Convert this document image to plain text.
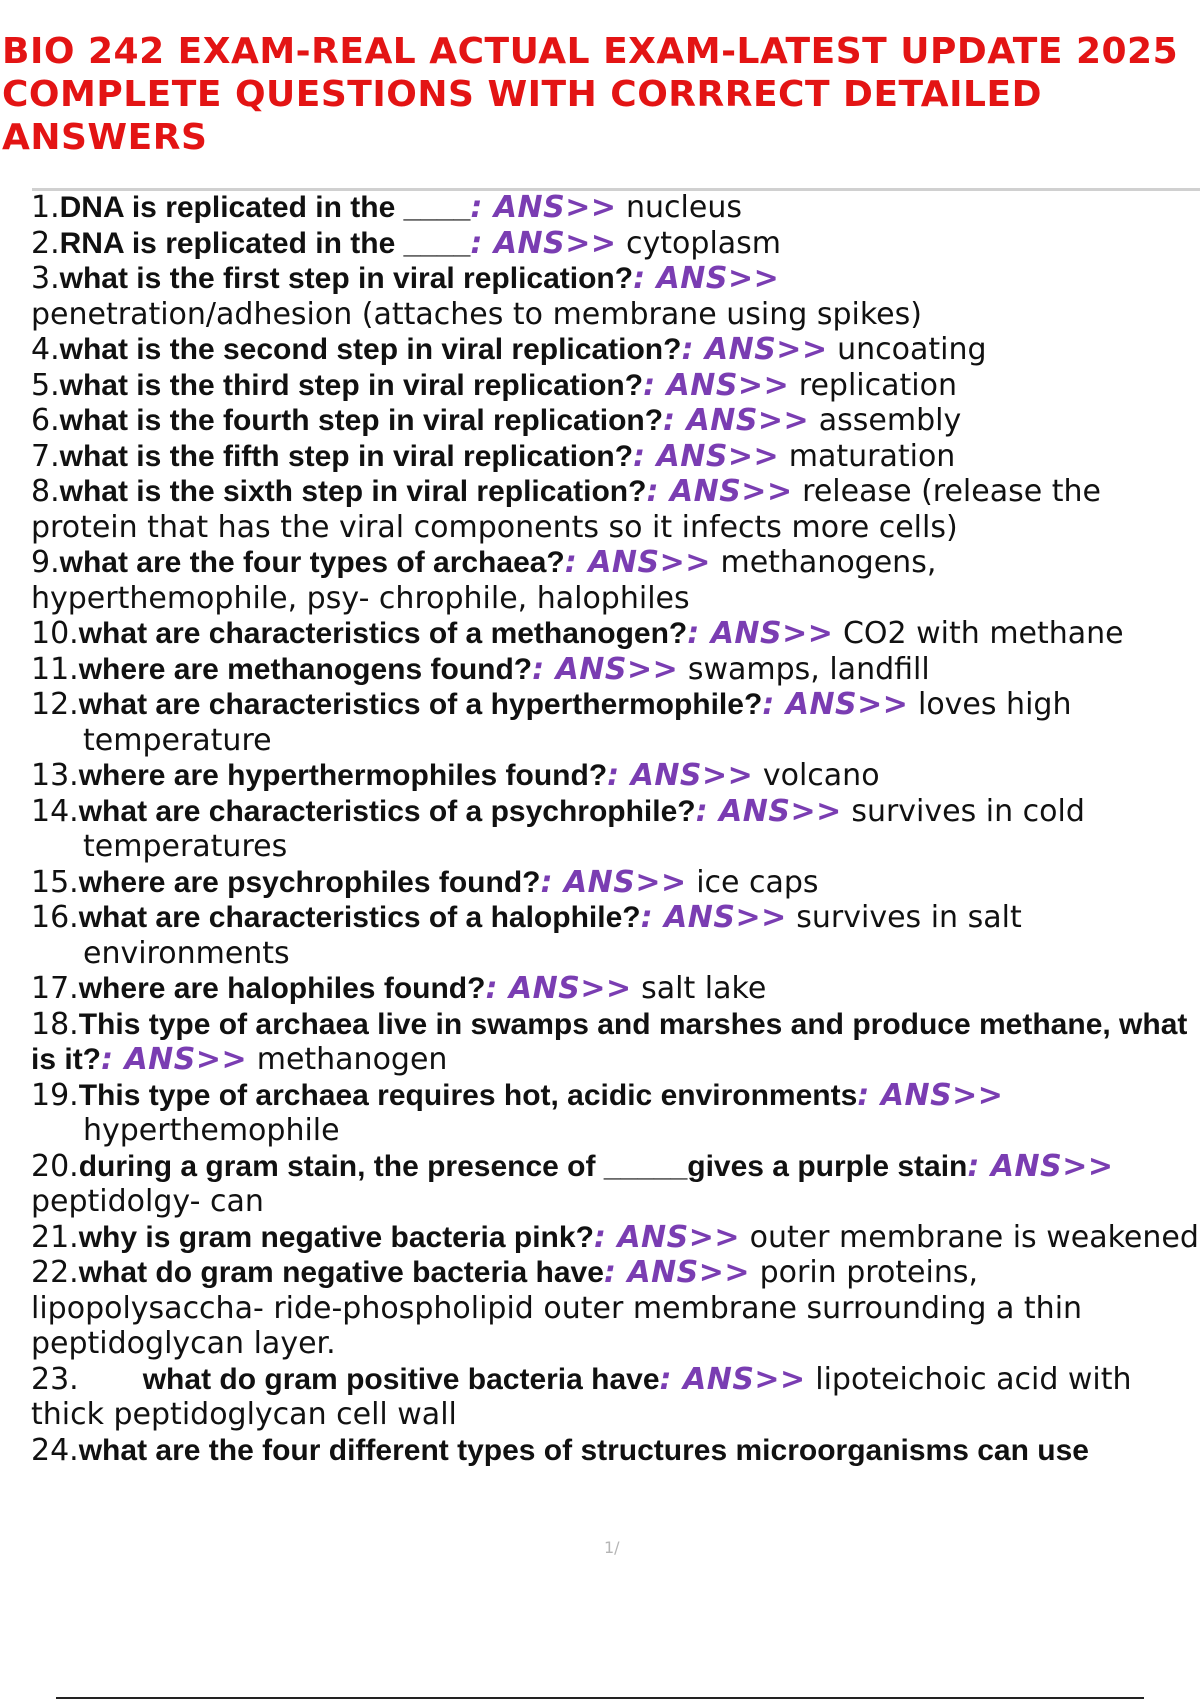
BIO 242 EXAM-REAL ACTUAL EXAM-LATEST UPDATE 2025 COMPLETE QUESTIONS WITH CORRRECT DETAILED ANSWERS
1.DNA is replicated in the ____: ANS>> nucleus
2.RNA is replicated in the ____: ANS>> cytoplasm
3.what is the first step in viral replication?: ANS>>
penetration/adhesion (attaches to membrane using spikes)
4.what is the second step in viral replication?: ANS>> uncoating
5.what is the third step in viral replication?: ANS>> replication
6.what is the fourth step in viral replication?: ANS>> assembly
7.what is the fifth step in viral replication?: ANS>> maturation
8.what is the sixth step in viral replication?: ANS>> release (release the protein that has the viral components so it infects more cells)
9.what are the four types of archaea?: ANS>> methanogens, hyperthemophile, psy- chrophile, halophiles
10.what are characteristics of a methanogen?: ANS>> CO2 with methane
11.where are methanogens found?: ANS>> swamps, landfill
12.what are characteristics of a hyperthermophile?: ANS>> loves high temperature
13.where are hyperthermophiles found?: ANS>> volcano
14.what are characteristics of a psychrophile?: ANS>> survives in cold temperatures
15.where are psychrophiles found?: ANS>> ice caps
16.what are characteristics of a halophile?: ANS>> survives in salt environments
17.where are halophiles found?: ANS>> salt lake
18.This type of archaea live in swamps and marshes and produce methane, what is it?: ANS>> methanogen
19.This type of archaea requires hot, acidic environments: ANS>>
hyperthemophile
20.during a gram stain, the presence of _____gives a purple stain: ANS>>
peptidolgy- can
21.why is gram negative bacteria pink?: ANS>> outer membrane is weakened
22.what do gram negative bacteria have: ANS>> porin proteins, lipopolysaccha- ride-phospholipid outer membrane surrounding a thin peptidoglycan layer.
23. what do gram positive bacteria have: ANS>> lipoteichoic acid with thick peptidoglycan cell wall
24.what are the four different types of structures microorganisms can use
1/
